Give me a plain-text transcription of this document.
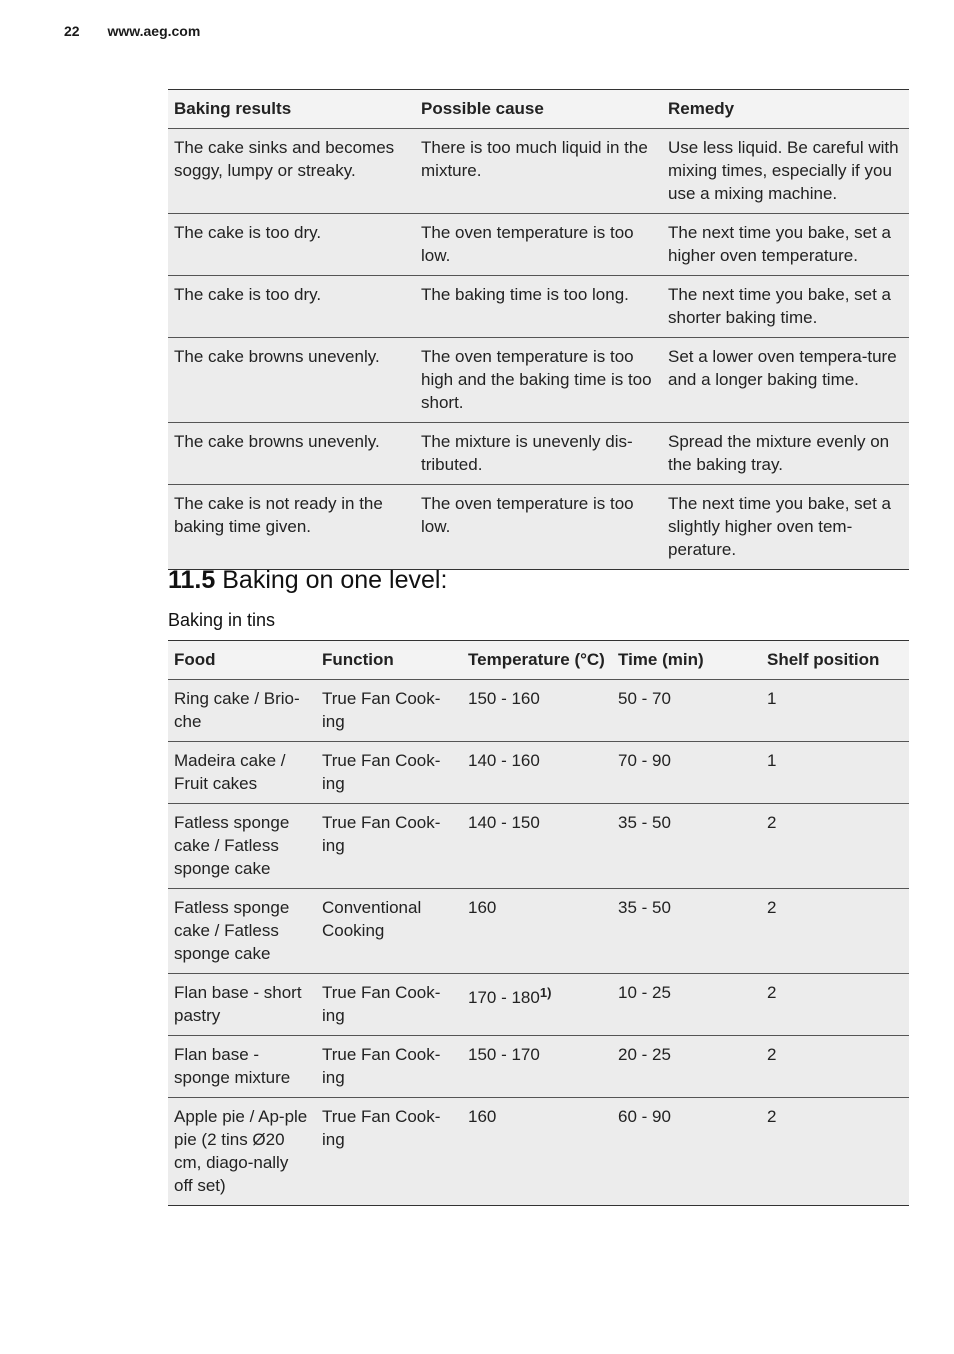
22 www.aeg.com
Baking results	Possible cause	Remedy
The cake sinks and becomes soggy, lumpy or streaky.	There is too much liquid in the mixture.	Use less liquid. Be careful with mixing times, especially if you use a mixing machine.
The cake is too dry.	The oven temperature is too low.	The next time you bake, set a higher oven temperature.
The cake is too dry.	The baking time is too long.	The next time you bake, set a shorter baking time.
The cake browns unevenly.	The oven temperature is too high and the baking time is too short.	Set a lower oven tempera-ture and a longer baking time.
The cake browns unevenly.	The mixture is unevenly dis-tributed.	Spread the mixture evenly on the baking tray.
The cake is not ready in the baking time given.	The oven temperature is too low.	The next time you bake, set a slightly higher oven tem-perature.
11.5 Baking on one level:
Baking in tins
Food	Function	Temperature (°C)	Time (min)	Shelf position
Ring cake / Brio-che	True Fan Cook-ing	150 - 160	50 - 70	1
Madeira cake / Fruit cakes	True Fan Cook-ing	140 - 160	70 - 90	1
Fatless sponge cake / Fatless sponge cake	True Fan Cook-ing	140 - 150	35 - 50	2
Fatless sponge cake / Fatless sponge cake	Conventional Cooking	160	35 - 50	2
Flan base - short pastry	True Fan Cook-ing	170 - 180$^{1)}$	10 - 25	2
Flan base - sponge mixture	True Fan Cook-ing	150 - 170	20 - 25	2
Apple pie / Ap-ple pie (2 tins Ø20 cm, diago-nally off set)	True Fan Cook-ing	160	60 - 90	2
